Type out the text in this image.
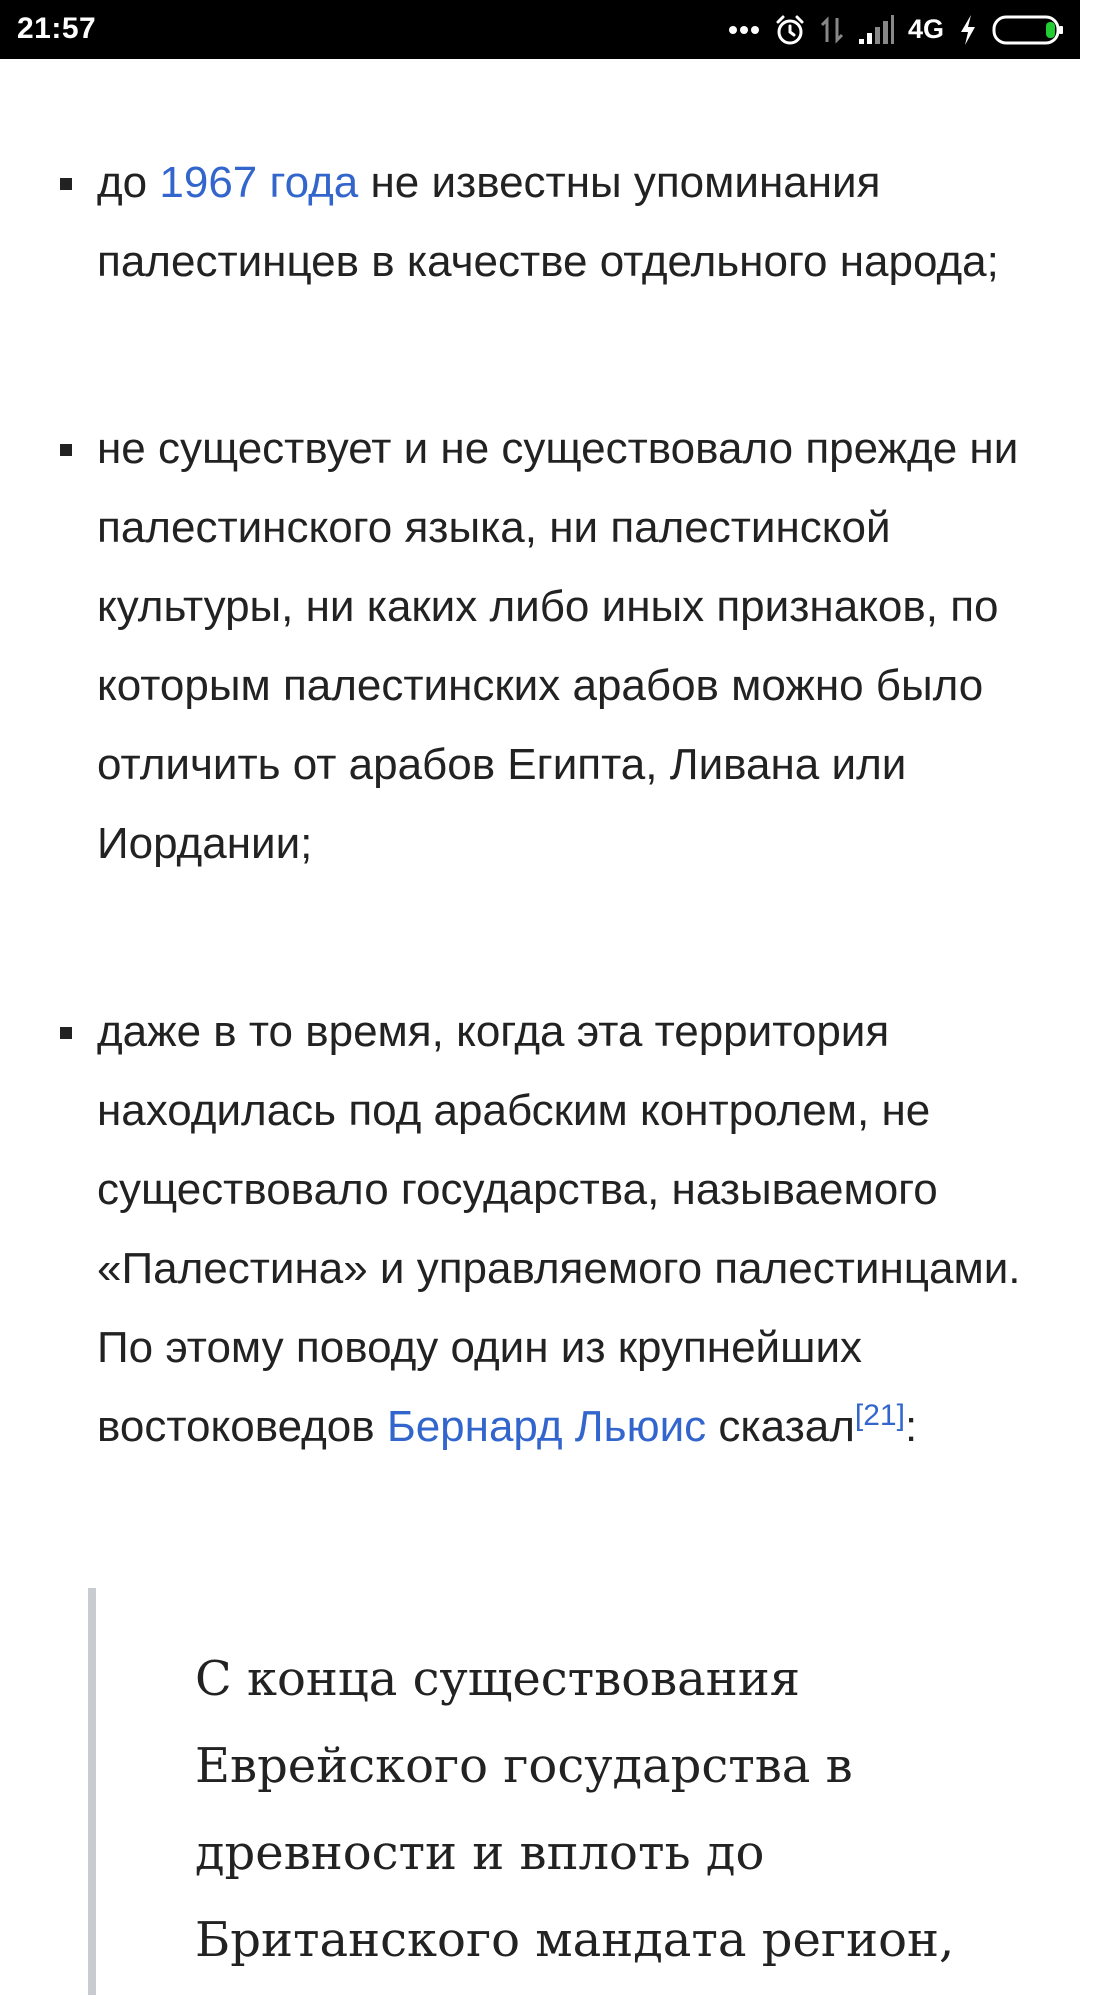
21:57	4G

до 1967 года не известны упоминания палестинцев в качестве отдельного народа;

не существует и не существовало прежде ни палестинского языка, ни палестинской культуры, ни каких либо иных признаков, по которым палестинских арабов можно было отличить от арабов Египта, Ливана или Иордании;

даже в то время, когда эта территория находилась под арабским контролем, не существовало государства, называемого «Палестина» и управляемого палестинцами. По этому поводу один из крупнейших востоковедов Бернард Льюис сказал[21]:

С конца существования Еврейского государства в древности и вплоть до Британского мандата регион,
